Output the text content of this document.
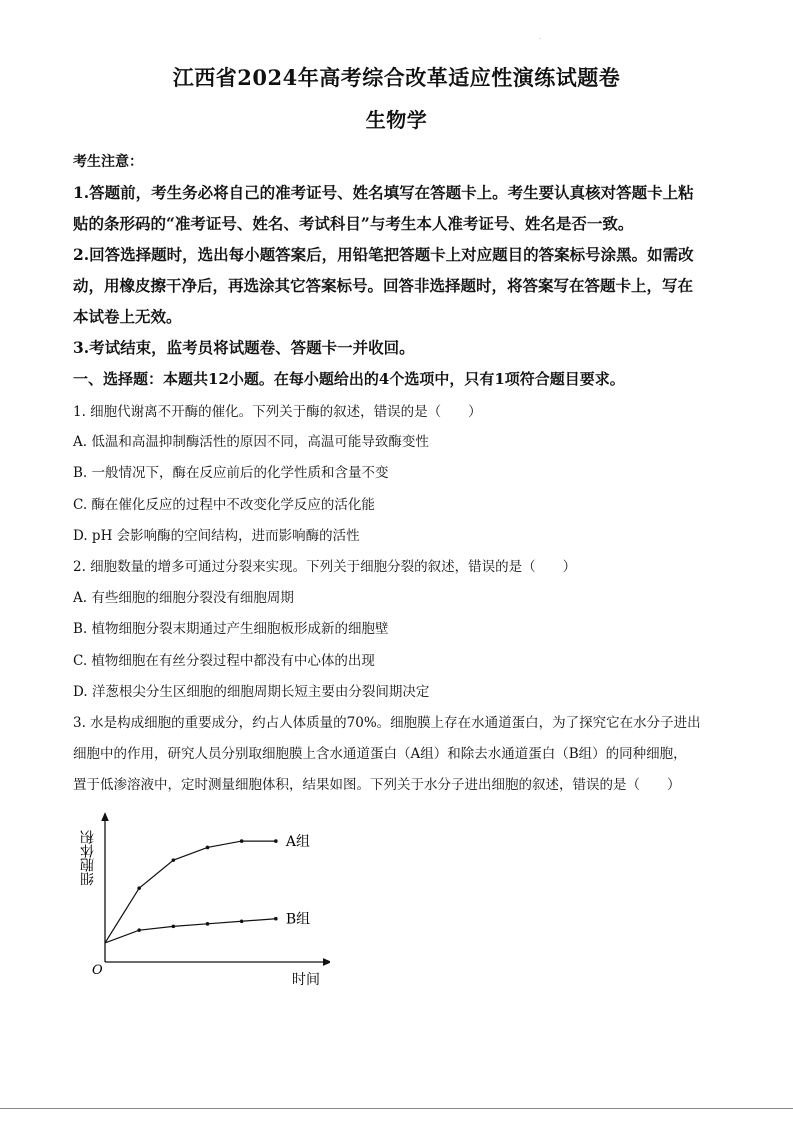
.
江西省2024年高考综合改革适应性演练试题卷
生物学
考生注意：
1.答题前，考生务必将自己的准考证号、姓名填写在答题卡上。考生要认真核对答题卡上粘
贴的条形码的“准考证号、姓名、考试科目”与考生本人准考证号、姓名是否一致。
2.回答选择题时，选出每小题答案后，用铅笔把答题卡上对应题目的答案标号涂黑。如需改
动，用橡皮擦干净后，再选涂其它答案标号。回答非选择题时，将答案写在答题卡上，写在
本试卷上无效。
3.考试结束，监考员将试题卷、答题卡一并收回。
一、选择题：本题共12小题。在每小题给出的4个选项中，只有1项符合题目要求。
1. 细胞代谢离不开酶的催化。下列关于酶的叙述，错误的是（　　）
A. 低温和高温抑制酶活性的原因不同，高温可能导致酶变性
B. 一般情况下，酶在反应前后的化学性质和含量不变
C. 酶在催化反应的过程中不改变化学反应的活化能
D. pH 会影响酶的空间结构，进而影响酶的活性
2. 细胞数量的增多可通过分裂来实现。下列关于细胞分裂的叙述，错误的是（　　）
A. 有些细胞的细胞分裂没有细胞周期
B. 植物细胞分裂末期通过产生细胞板形成新的细胞壁
C. 植物细胞在有丝分裂过程中都没有中心体的出现
D. 洋葱根尖分生区细胞的细胞周期长短主要由分裂间期决定
3. 水是构成细胞的重要成分，约占人体质量的70%。细胞膜上存在水通道蛋白，为了探究它在水分子进出
细胞中的作用，研究人员分别取细胞膜上含水通道蛋白（A组）和除去水通道蛋白（B组）的同种细胞，
置于低渗溶液中，定时测量细胞体积，结果如图。下列关于水分子进出细胞的叙述，错误的是（　　）
细胞体积
时间
O
A组
B组
